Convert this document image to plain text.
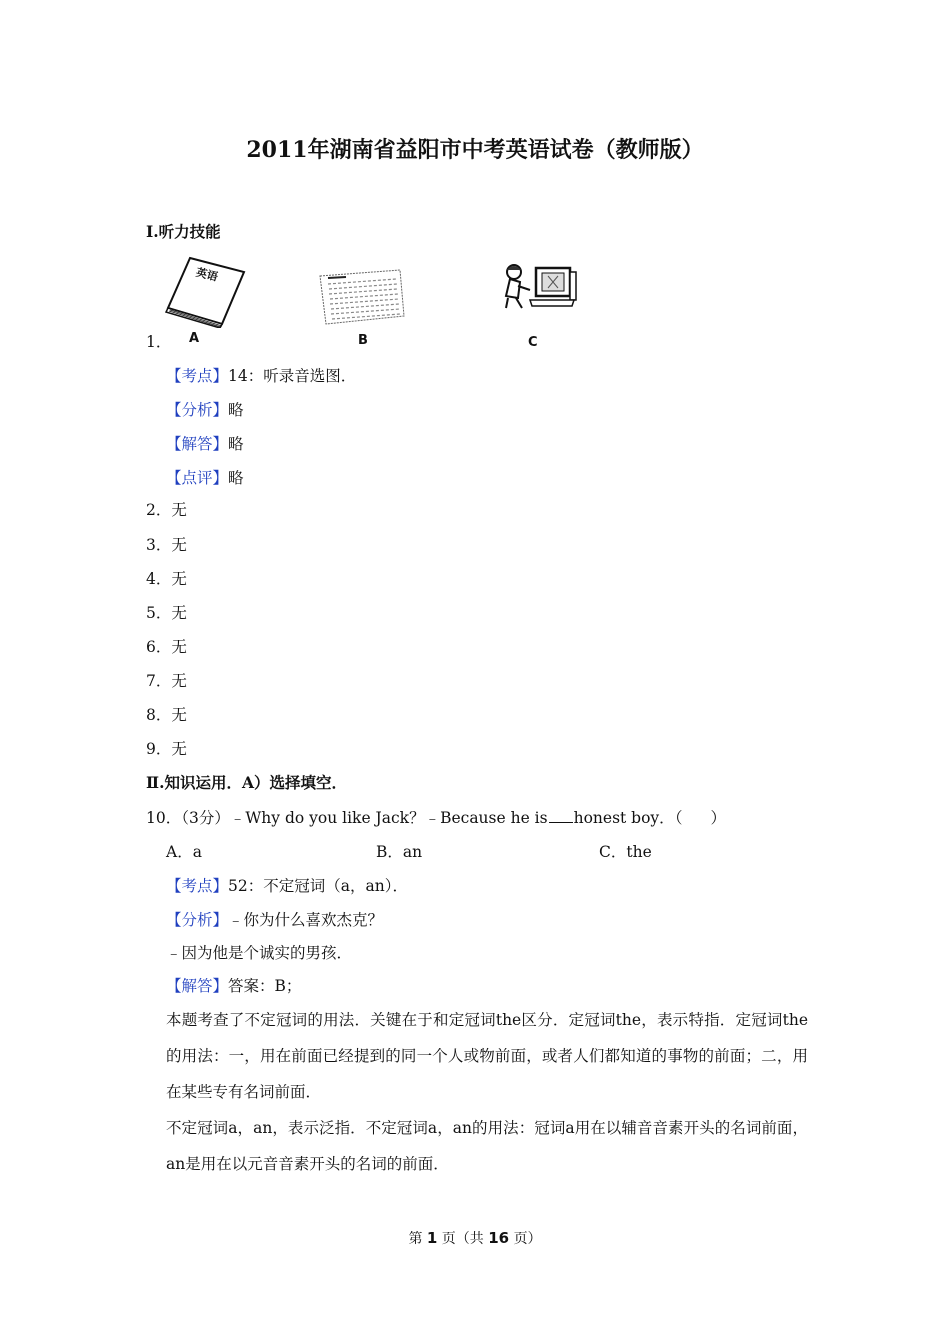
2011年湖南省益阳市中考英语试卷（教师版）
Ⅰ.听力技能
英语
A	B	C
1．
【考点】14：听录音选图．
【分析】略
【解答】略
【点评】略
2．无
3．无
4．无
5．无
6．无
7．无
8．无
9．无
Ⅱ.知识运用．A）选择填空．
10．（3分）﹣Why do you like Jack？﹣Because he is honest boy．（ ）
A．a	B．an	C．the
【考点】52：不定冠词（a，an）．
【分析】﹣你为什么喜欢杰克？
﹣因为他是个诚实的男孩．
【解答】答案：B；
本题考查了不定冠词的用法．关键在于和定冠词the区分．定冠词the，表示特指．定冠词the的用法：一，用在前面已经提到的同一个人或物前面，或者人们都知道的事物的前面；二，用在某些专有名词前面．
不定冠词a，an，表示泛指．不定冠词a，an的用法：冠词a用在以辅音音素开头的名词前面，an是用在以元音音素开头的名词的前面．
第 1 页（共 16 页）
